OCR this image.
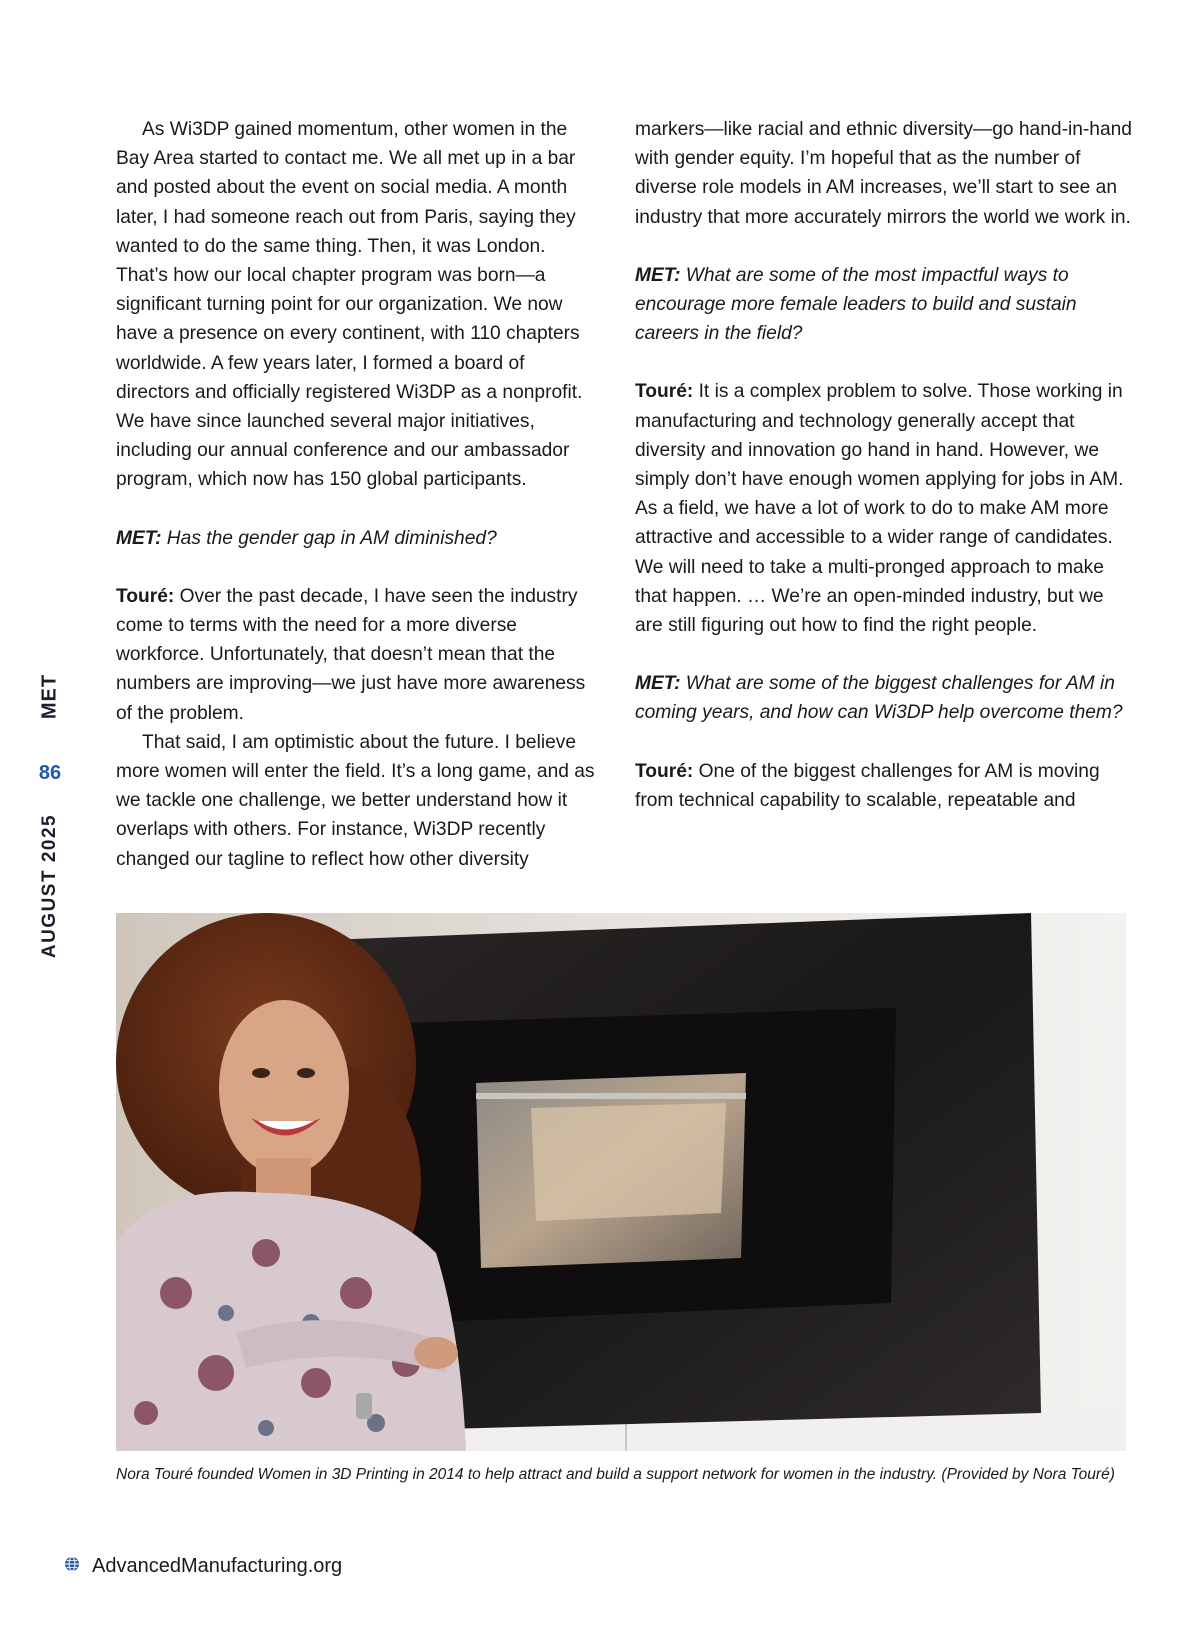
MET
86
AUGUST 2025

As Wi3DP gained momentum, other women in the Bay Area started to contact me. We all met up in a bar and posted about the event on social media. A month later, I had someone reach out from Paris, saying they wanted to do the same thing. Then, it was London. That’s how our local chapter program was born—a significant turning point for our organization. We now have a presence on every continent, with 110 chapters worldwide. A few years later, I formed a board of directors and officially registered Wi3DP as a nonprofit. We have since launched several major initiatives, including our annual conference and our ambassador program, which now has 150 global participants.

MET: Has the gender gap in AM diminished?

Touré: Over the past decade, I have seen the industry come to terms with the need for a more diverse workforce. Unfortunately, that doesn’t mean that the numbers are improving—we just have more awareness of the problem.

That said, I am optimistic about the future. I believe more women will enter the field. It’s a long game, and as we tackle one challenge, we better understand how it overlaps with others. For instance, Wi3DP recently changed our tagline to reflect how other diversity

markers—like racial and ethnic diversity—go hand-in-hand with gender equity. I’m hopeful that as the number of diverse role models in AM increases, we’ll start to see an industry that more accurately mirrors the world we work in.

MET: What are some of the most impactful ways to encourage more female leaders to build and sustain careers in the field?

Touré: It is a complex problem to solve. Those working in manufacturing and technology generally accept that diversity and innovation go hand in hand. However, we simply don’t have enough women applying for jobs in AM. As a field, we have a lot of work to do to make AM more attractive and accessible to a wider range of candidates. We will need to take a multi-pronged approach to make that happen. … We’re an open-minded industry, but we are still figuring out how to find the right people.

MET: What are some of the biggest challenges for AM in coming years, and how can Wi3DP help overcome them?

Touré: One of the biggest challenges for AM is moving from technical capability to scalable, repeatable and

Nora Touré founded Women in 3D Printing in 2014 to help attract and build a support network for women in the industry. (Provided by Nora Touré)
AdvancedManufacturing.org
